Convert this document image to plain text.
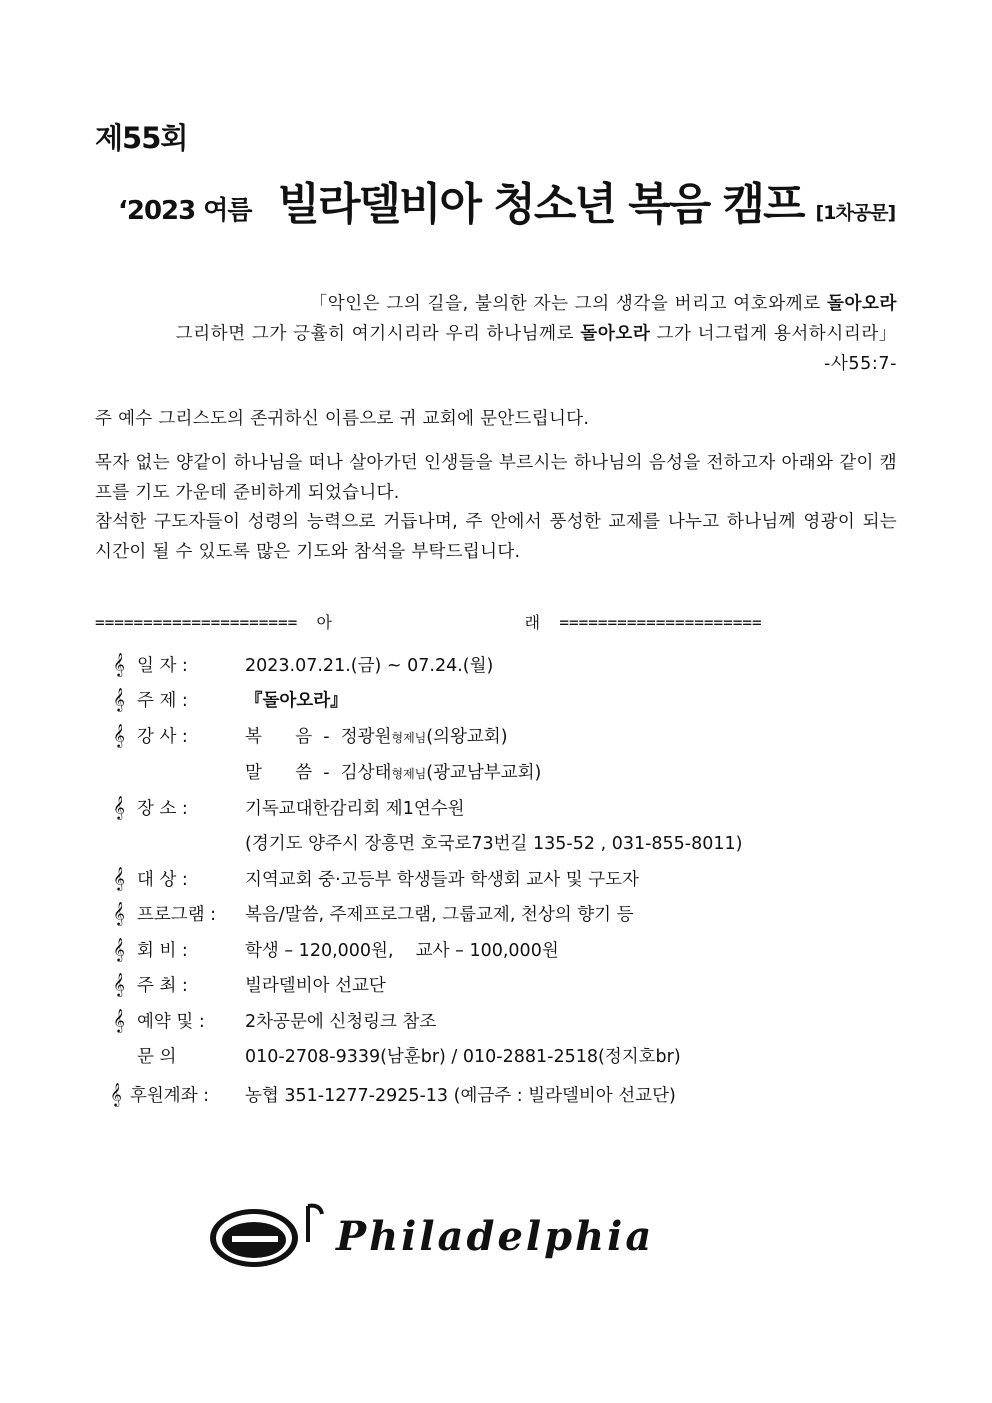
제55회
‘2023 여름 빌라델비아 청소년 복음 캠프 [1차공문]
「악인은 그의 길을, 불의한 자는 그의 생각을 버리고 여호와께로 돌아오라
그리하면 그가 긍휼히 여기시리라 우리 하나님께로 돌아오라 그가 너그럽게 용서하시리라」
-사55:7-
주 예수 그리스도의 존귀하신 이름으로 귀 교회에 문안드립니다.
목자 없는 양같이 하나님을 떠나 살아가던 인생들을 부르시는 하나님의 음성을 전하고자 아래와 같이 캠프를 기도 가운데 준비하게 되었습니다.
참석한 구도자들이 성령의 능력으로 거듭나며, 주 안에서 풍성한 교제를 나누고 하나님께 영광이 되는 시간이 될 수 있도록 많은 기도와 참석을 부탁드립니다.
=====================  아                    래  =====================
𝄞 일 자 :	2023.07.21.(금) ~ 07.24.(월)
𝄞 주 제 :	『돌아오라』
𝄞 강 사 :	복      음  -  정광원형제님(의왕교회)
말      씀  -  김상태형제님(광교남부교회)
𝄞 장 소 :	기독교대한감리회 제1연수원
(경기도 양주시 장흥면 호국로73번길 135-52 , 031-855-8011)
𝄞 대 상 :	지역교회 중·고등부 학생들과 학생회 교사 및 구도자
𝄞 프로그램 :	복음/말씀, 주제프로그램, 그룹교제, 천상의 향기 등
𝄞 회 비 :	학생 – 120,000원,    교사 – 100,000원
𝄞 주 최 :	빌라델비아 선교단
𝄞 예약 및 :	2차공문에 신청링크 참조
문 의	010-2708-9339(남훈br) / 010-2881-2518(정지호br)
𝄞 후원계좌 :	농협 351-1277-2925-13 (예금주 : 빌라델비아 선교단)
Philadelphia
